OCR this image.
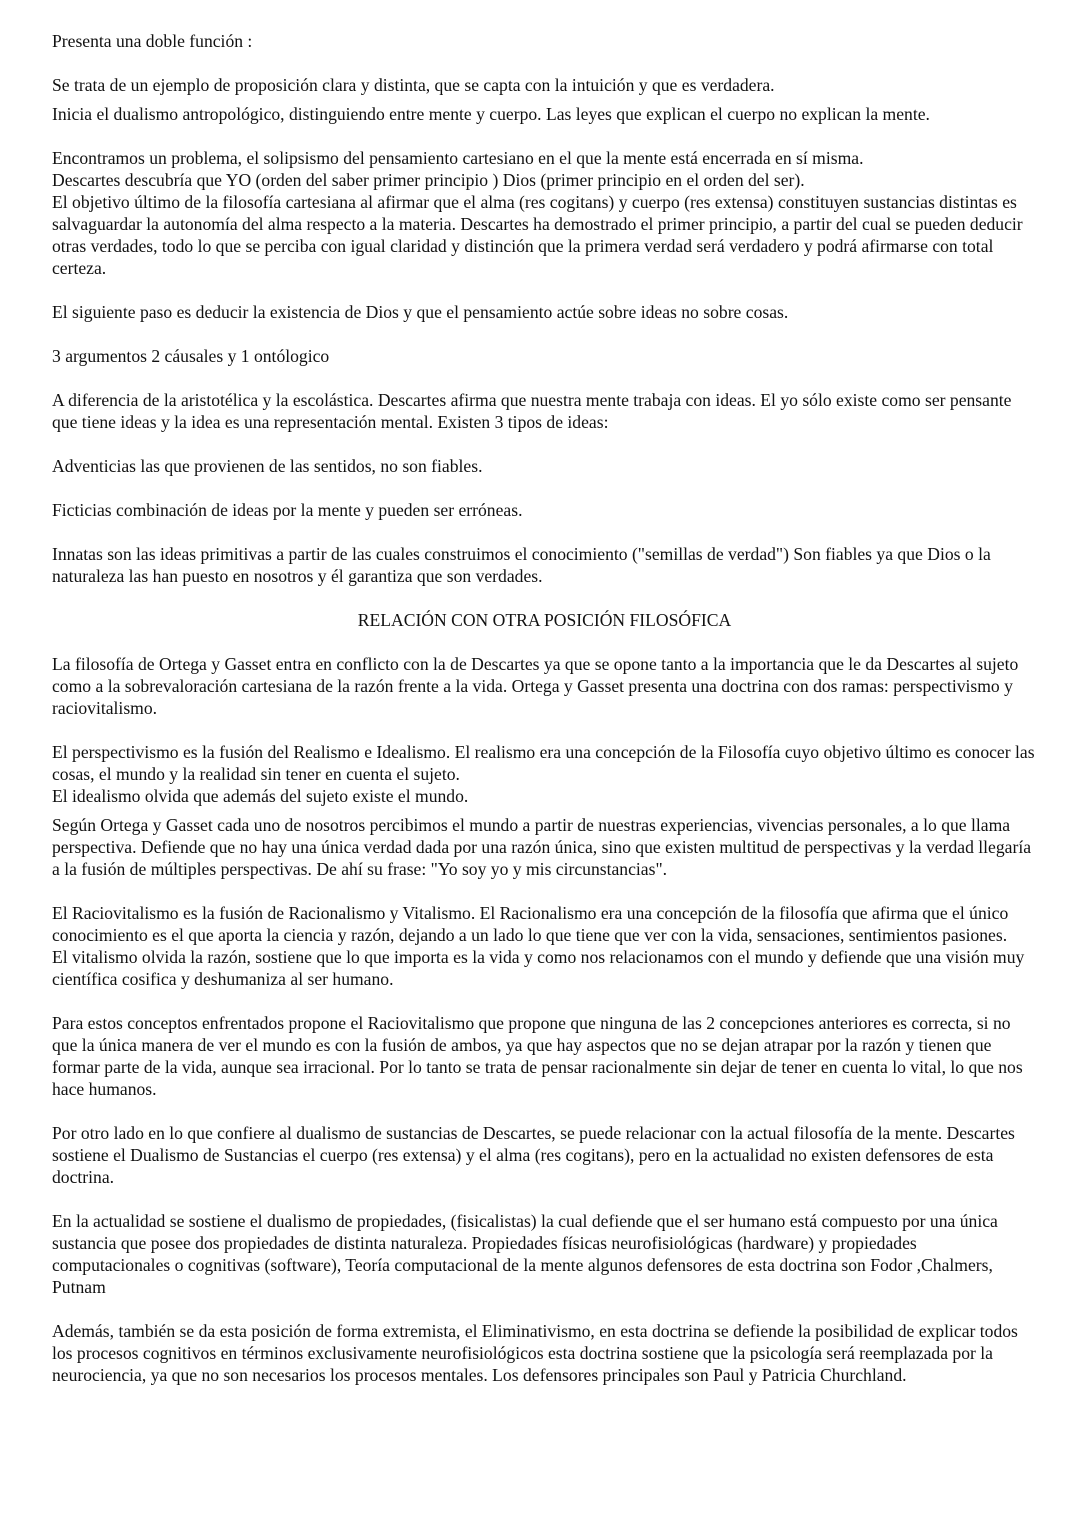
Presenta una doble función :

Se trata de un ejemplo de proposición clara y distinta, que se capta con la intuición y que es verdadera.

Inicia el dualismo antropológico, distinguiendo entre mente y cuerpo. Las leyes que explican el cuerpo no explican la mente.

Encontramos un problema, el solipsismo del pensamiento cartesiano en el que la mente está encerrada en sí misma.

Descartes descubría que YO (orden del saber primer principio ) Dios (primer principio en el orden del ser).

El objetivo último de la filosofía cartesiana al afirmar que el alma (res cogitans) y cuerpo (res extensa) constituyen sustancias distintas es salvaguardar la autonomía del alma respecto a la materia. Descartes ha demostrado el primer principio, a partir del cual se pueden deducir otras verdades, todo lo que se perciba con igual claridad y distinción que la primera verdad será verdadero y podrá afirmarse con total certeza.

El siguiente paso es deducir la existencia de Dios y que el pensamiento actúe sobre ideas no sobre cosas.

3 argumentos 2 cáusales y 1 ontólogico

A diferencia de la aristotélica y la escolástica. Descartes afirma que nuestra mente trabaja con ideas. El yo sólo existe como ser pensante que tiene ideas y la idea es una representación mental. Existen 3 tipos de ideas:

Adventicias las que provienen de las sentidos, no son fiables.

Ficticias combinación de ideas por la mente y pueden ser erróneas.

Innatas son las ideas primitivas a partir de las cuales construimos el conocimiento ("semillas de verdad") Son fiables ya que Dios o la naturaleza las han puesto en nosotros y él garantiza que son verdades.

RELACIÓN CON OTRA POSICIÓN FILOSÓFICA

La filosofía de Ortega y Gasset entra en conflicto con la de Descartes ya que se opone tanto a la importancia que le da Descartes al sujeto como a la sobrevaloración cartesiana de la razón frente a la vida. Ortega y Gasset presenta una doctrina con dos ramas: perspectivismo y raciovitalismo.

El perspectivismo es la fusión del Realismo e Idealismo. El realismo era una concepción de la Filosofía cuyo objetivo último es conocer las cosas, el mundo y la realidad sin tener en cuenta el sujeto.

El idealismo olvida que además del sujeto existe el mundo.

Según Ortega y Gasset cada uno de nosotros percibimos el mundo a partir de nuestras experiencias, vivencias personales, a lo que llama perspectiva. Defiende que no hay una única verdad dada por una razón única, sino que existen multitud de perspectivas y la verdad llegaría a la fusión de múltiples perspectivas. De ahí su frase: "Yo soy yo y mis circunstancias".

El Raciovitalismo es la fusión de Racionalismo y Vitalismo. El Racionalismo era una concepción de la filosofía que afirma que el único conocimiento es el que aporta la ciencia y razón, dejando a un lado lo que tiene que ver con la vida, sensaciones, sentimientos pasiones.

El vitalismo olvida la razón, sostiene que lo que importa es la vida y como nos relacionamos con el mundo y defiende que una visión muy científica cosifica y deshumaniza al ser humano.

Para estos conceptos enfrentados propone el Raciovitalismo que propone que ninguna de las 2 concepciones anteriores es correcta, si no que la única manera de ver el mundo es con la fusión de ambos, ya que hay aspectos que no se dejan atrapar por la razón y tienen que formar parte de la vida, aunque sea irracional. Por lo tanto se trata de pensar racionalmente sin dejar de tener en cuenta lo vital, lo que nos hace humanos.

Por otro lado en lo que confiere al dualismo de sustancias de Descartes, se puede relacionar con la actual filosofía de la mente. Descartes sostiene el Dualismo de Sustancias el cuerpo (res extensa) y el alma (res cogitans), pero en la actualidad no existen defensores de esta doctrina.

En la actualidad se sostiene el dualismo de propiedades, (fisicalistas) la cual defiende que el ser humano está compuesto por una única sustancia que posee dos propiedades de distinta naturaleza. Propiedades físicas neurofisiológicas (hardware) y propiedades computacionales o cognitivas (software), Teoría computacional de la mente algunos defensores de esta doctrina son Fodor ,Chalmers, Putnam

Además, también se da esta posición de forma extremista, el Eliminativismo, en esta doctrina se defiende la posibilidad de explicar todos los procesos cognitivos en términos exclusivamente neurofisiológicos esta doctrina sostiene que la psicología será reemplazada por la neurociencia, ya que no son necesarios los procesos mentales. Los defensores principales son Paul y Patricia Churchland.
